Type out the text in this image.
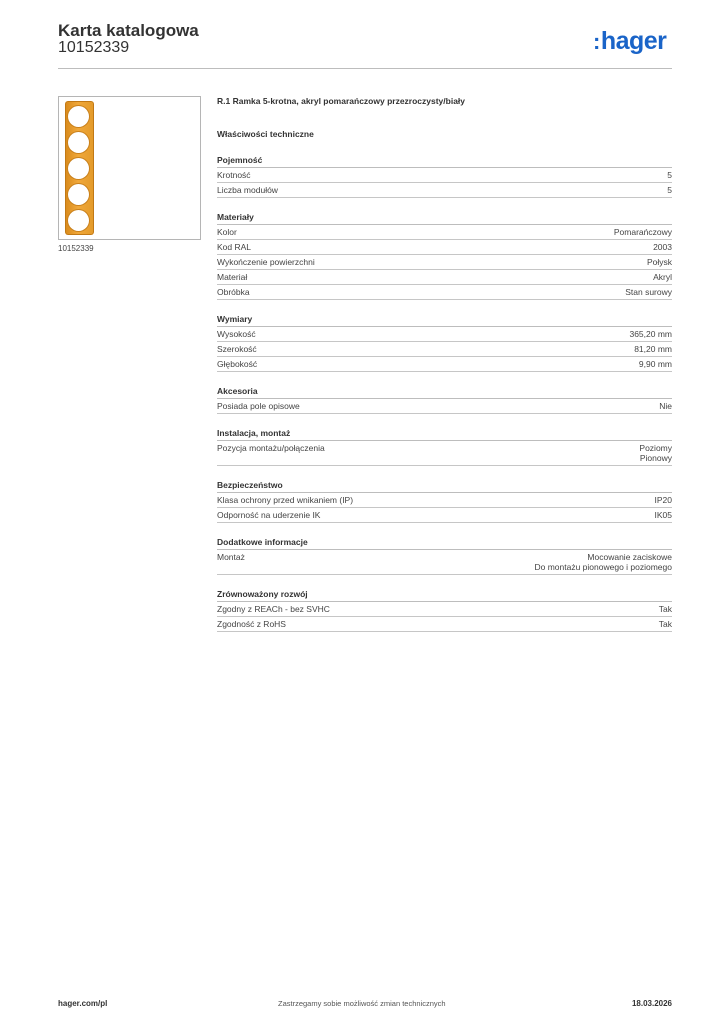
Karta katalogowa
10152339	:hager
10152339
R.1 Ramka 5-krotna, akryl pomarańczowy przezroczysty/biały
Właściwości techniczne
Pojemność
Krotność	5
Liczba modułów	5
Materiały
Kolor	Pomarańczowy
Kod RAL	2003
Wykończenie powierzchni	Połysk
Materiał	Akryl
Obróbka	Stan surowy
Wymiary
Wysokość	365,20 mm
Szerokość	81,20 mm
Głębokość	9,90 mm
Akcesoria
Posiada pole opisowe	Nie
Instalacja, montaż
Pozycja montażu/połączenia	Poziomy
Pionowy
Bezpieczeństwo
Klasa ochrony przed wnikaniem (IP)	IP20
Odporność na uderzenie IK	IK05
Dodatkowe informacje
Montaż	Mocowanie zaciskowe
Do montażu pionowego i poziomego
Zrównoważony rozwój
Zgodny z REACh - bez SVHC	Tak
Zgodność z RoHS	Tak
hager.com/pl	Zastrzegamy sobie możliwość zmian technicznych	18.03.2026
